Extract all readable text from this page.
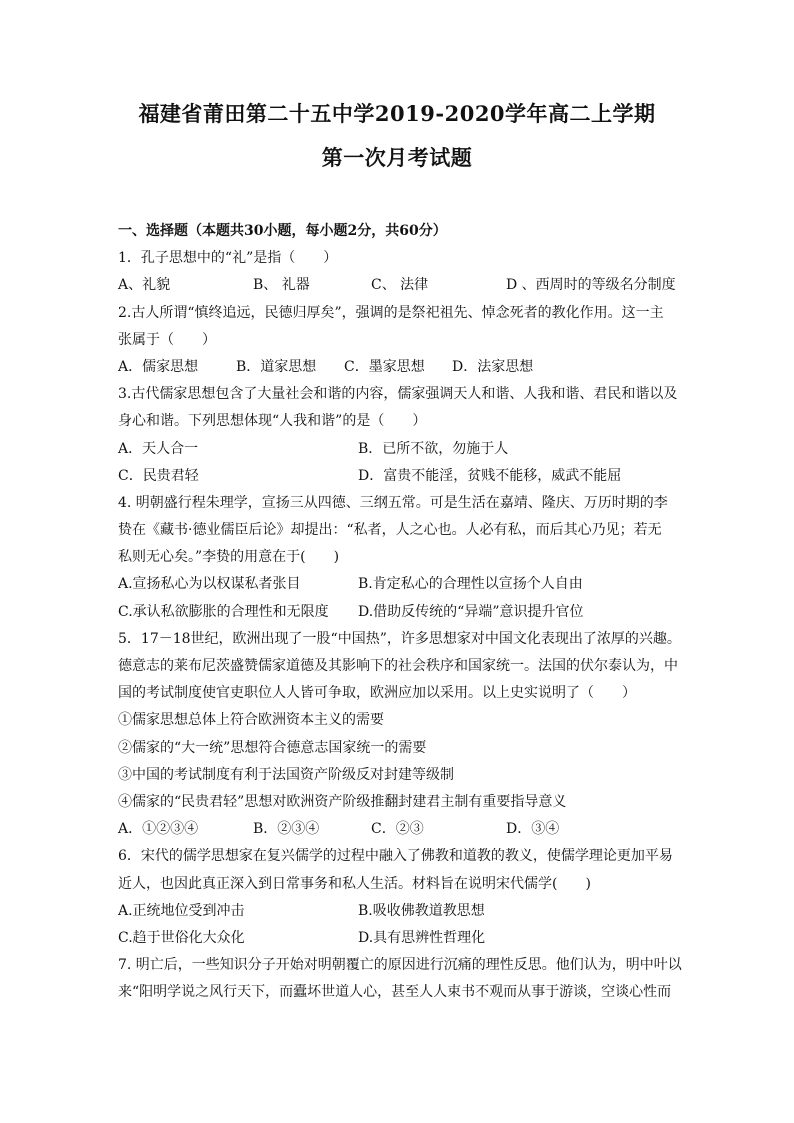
福建省莆田第二十五中学2019-2020学年高二上学期
第一次月考试题
一、选择题（本题共30小题，每小题2分，共60分）
1．孔子思想中的“礼”是指（　　）
A、礼貌	B、 礼器	C、 法律	D 、西周时的等级名分制度
2.古人所谓“慎终追远，民德归厚矣”，强调的是祭祀祖先、悼念死者的教化作用。这一主
张属于（　　）
A．儒家思想	B．道家思想	C．墨家思想	D．法家思想
3.古代儒家思想包含了大量社会和谐的内容，儒家强调天人和谐、人我和谐、君民和谐以及
身心和谐。下列思想体现“人我和谐”的是（　　）
A．天人合一	B．已所不欲，勿施于人
C．民贵君轻	D．富贵不能淫，贫贱不能移，威武不能屈
4. 明朝盛行程朱理学，宣扬三从四德、三纲五常。可是生活在嘉靖、隆庆、万历时期的李
贽在《藏书·德业儒臣后论》却提出：“私者，人之心也。人必有私，而后其心乃见；若无
私则无心矣。”李贽的用意在于(　　)
A.宣扬私心为以权谋私者张目	B.肯定私心的合理性以宣扬个人自由
C.承认私欲膨胀的合理性和无限度	D.借助反传统的“异端”意识提升官位
5．17－18世纪，欧洲出现了一股“中国热”，许多思想家对中国文化表现出了浓厚的兴趣。
德意志的莱布尼茨盛赞儒家道德及其影响下的社会秩序和国家统一。法国的伏尔泰认为，中
国的考试制度使官吏职位人人皆可争取，欧洲应加以采用。以上史实说明了（　　）
①儒家思想总体上符合欧洲资本主义的需要
②儒家的“大一统”思想符合德意志国家统一的需要
③中国的考试制度有利于法国资产阶级反对封建等级制
④儒家的“民贵君轻”思想对欧洲资产阶级推翻封建君主制有重要指导意义
A．①②③④	B．②③④	C．②③	D．③④
6．宋代的儒学思想家在复兴儒学的过程中融入了佛教和道教的教义，使儒学理论更加平易
近人，也因此真正深入到日常事务和私人生活。材料旨在说明宋代儒学(　　)
A.正统地位受到冲击	B.吸收佛教道教思想
C.趋于世俗化大众化	D.具有思辨性哲理化
7. 明亡后，一些知识分子开始对明朝覆亡的原因进行沉痛的理性反思。他们认为，明中叶以
来“阳明学说之风行天下，而蠹坏世道人心，甚至人人束书不观而从事于游谈，空谈心性而
